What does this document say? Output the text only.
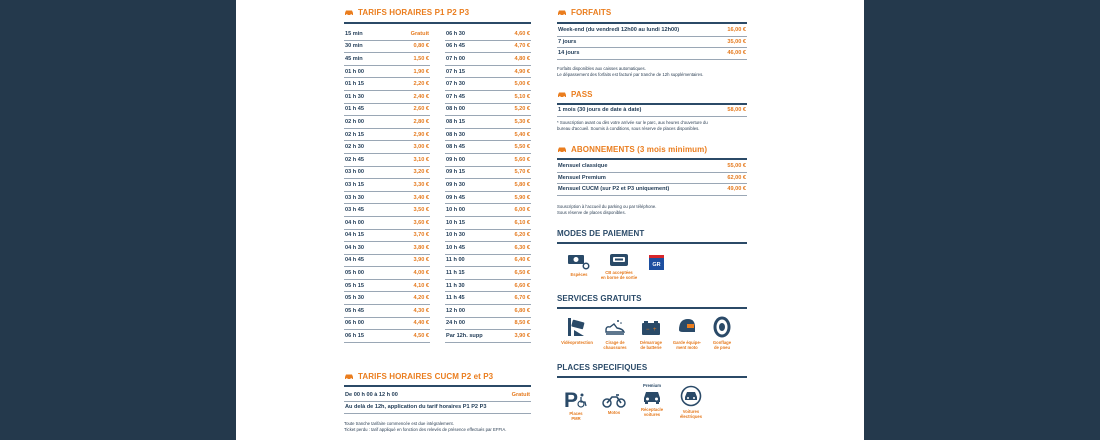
TARIFS HORAIRES P1 P2 P3
15 min	Gratuit
30 min	0,80 €
45 min	1,50 €
01 h 00	1,90 €
01 h 15	2,20 €
01 h 30	2,40 €
01 h 45	2,60 €
02 h 00	2,80 €
02 h 15	2,90 €
02 h 30	3,00 €
02 h 45	3,10 €
03 h 00	3,20 €
03 h 15	3,30 €
03 h 30	3,40 €
03 h 45	3,50 €
04 h 00	3,60 €
04 h 15	3,70 €
04 h 30	3,80 €
04 h 45	3,90 €
05 h 00	4,00 €
05 h 15	4,10 €
05 h 30	4,20 €
05 h 45	4,30 €
06 h 00	4,40 €
06 h 15	4,50 €
06 h 30	4,60 €
06 h 45	4,70 €
07 h 00	4,80 €
07 h 15	4,90 €
07 h 30	5,00 €
07 h 45	5,10 €
08 h 00	5,20 €
08 h 15	5,30 €
08 h 30	5,40 €
08 h 45	5,50 €
09 h 00	5,60 €
09 h 15	5,70 €
09 h 30	5,80 €
09 h 45	5,90 €
10 h 00	6,00 €
10 h 15	6,10 €
10 h 30	6,20 €
10 h 45	6,30 €
11 h 00	6,40 €
11 h 15	6,50 €
11 h 30	6,60 €
11 h 45	6,70 €
12 h 00	6,80 €
24 h 00	8,50 €
Par 12h. supp	3,90 €
TARIFS HORAIRES CUCM P2 et P3
De 00 h 00 à 12 h 00	Gratuit
Au delà de 12h, application du tarif horaires P1 P2 P3
Toute tranche tarifaire commencée est due intégralement.
Ticket perdu : tarif appliqué en fonction des relevés de présence effectués par EFFIA.
FORFAITS
Week-end (du vendredi 12h00 au lundi 12h00)	16,00 €
7 jours	35,00 €
14 jours	46,00 €
Forfaits disponibles aux caisses automatiques.
Le dépassement des forfaits est facturé par tranche de 12h supplémentaires.
PASS
1 mois (30 jours de date à date)	58,00 €
* Souscription avant ou dès votre arrivée sur le parc, aux heures d'ouverture du
bureau d'accueil. Soumis à conditions, sous réserve de places disponibles.
ABONNEMENTS (3 mois minimum)
Mensuel classique	55,00 €
Mensuel Premium	62,00 €
Mensuel CUCM (sur P2 et P3 uniquement)	49,00 €
Souscription à l'accueil du parking ou par téléphone.
Sous réserve de places disponibles.
MODES DE PAIEMENT
Espèces	CB acceptées
en borne de sortie
GR
SERVICES GRATUITS
Vidéoprotection	Cirage de
chaussures
− +
Démarrage
de batterie
Garde équipe-
ment moto
Gonflage
de pneu
PLACES SPECIFIQUES
P
Places
PMR
Motos
Premium
Réceptacle
voitures
Voitures
électriques
